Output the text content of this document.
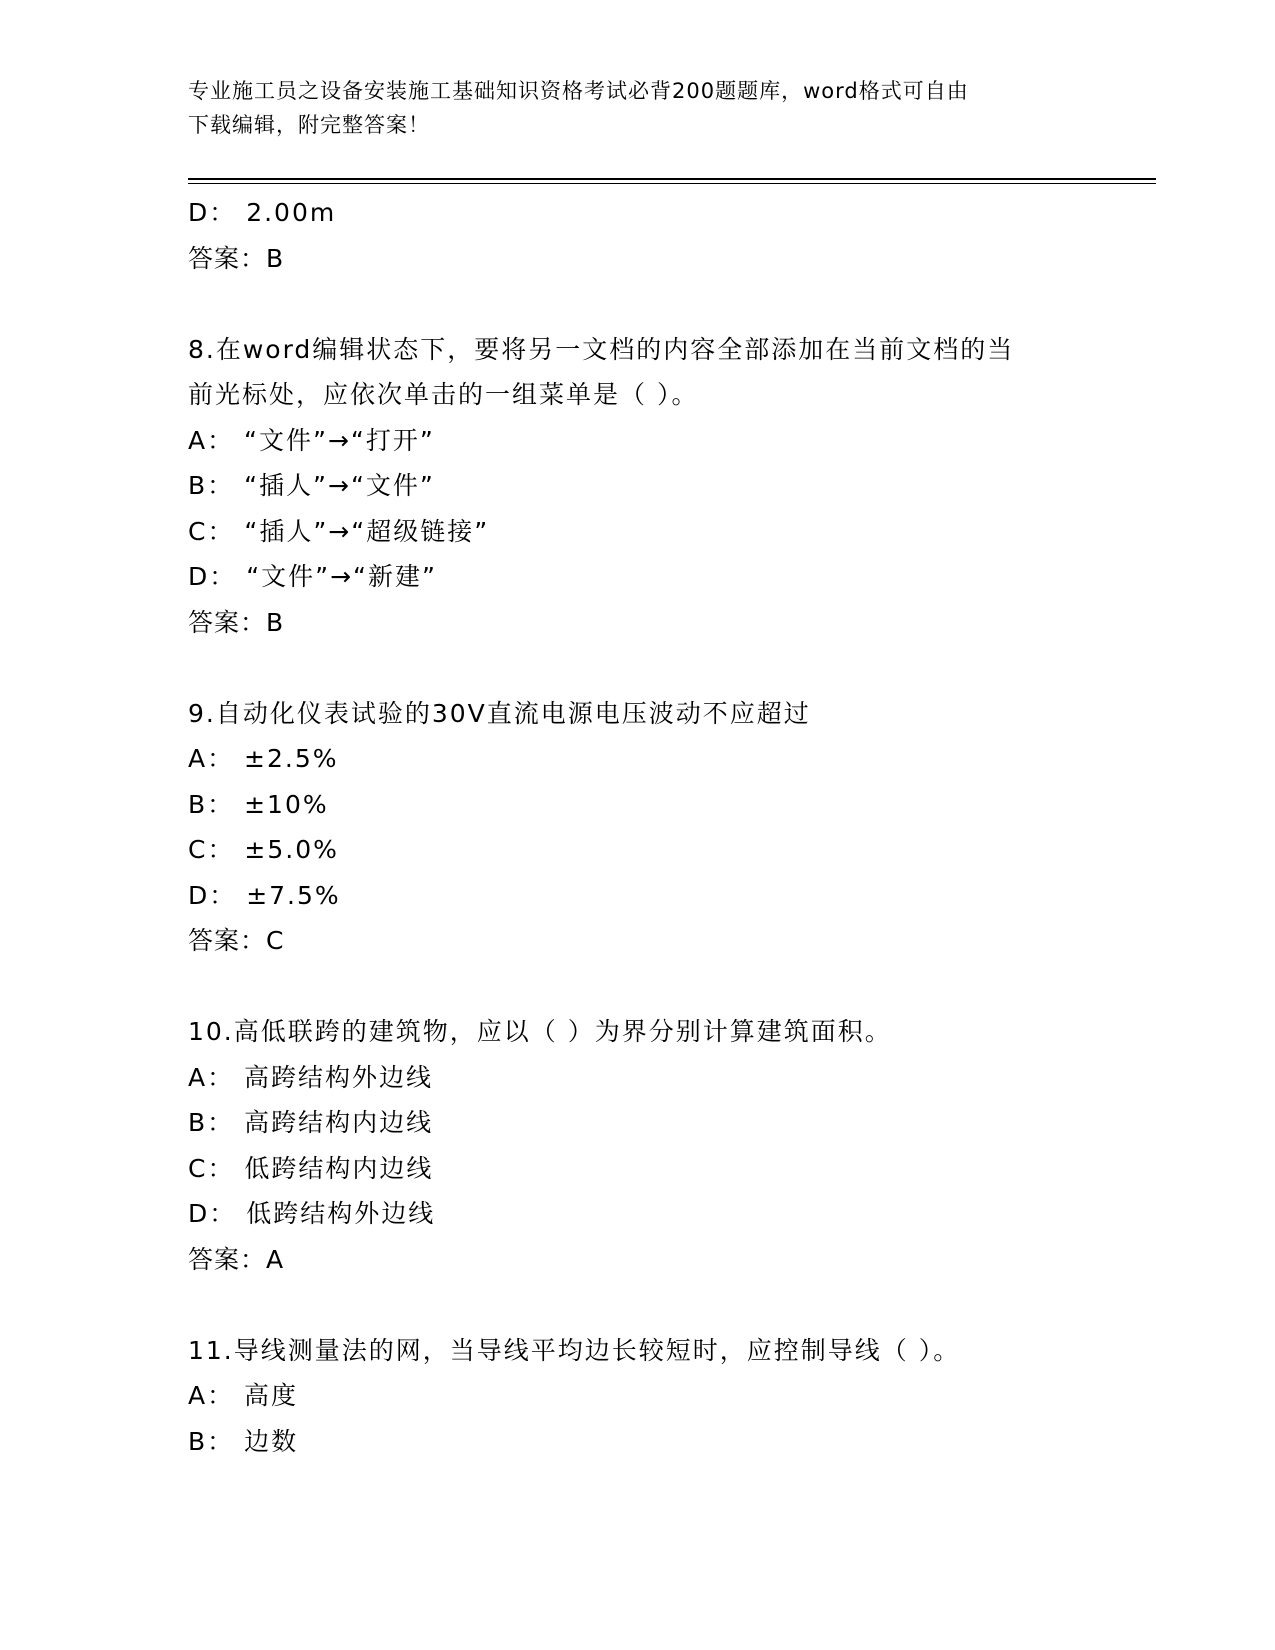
专业施工员之设备安装施工基础知识资格考试必背200题题库，word格式可自由
下载编辑，附完整答案！
D： 2.00m
答案：B
8.在word编辑状态下，要将另一文档的内容全部添加在当前文档的当
前光标处，应依次单击的一组菜单是（ ）。
A： “文件”→“打开”
B： “插人”→“文件”
C： “插人”→“超级链接”
D： “文件”→“新建”
答案：B
9.自动化仪表试验的30V直流电源电压波动不应超过
A： ±2.5%
B： ±10%
C： ±5.0%
D： ±7.5%
答案：C
10.高低联跨的建筑物，应以（ ）为界分别计算建筑面积。
A： 高跨结构外边线
B： 高跨结构内边线
C： 低跨结构内边线
D： 低跨结构外边线
答案：A
11.导线测量法的网，当导线平均边长较短时，应控制导线（ ）。
A： 高度
B： 边数
